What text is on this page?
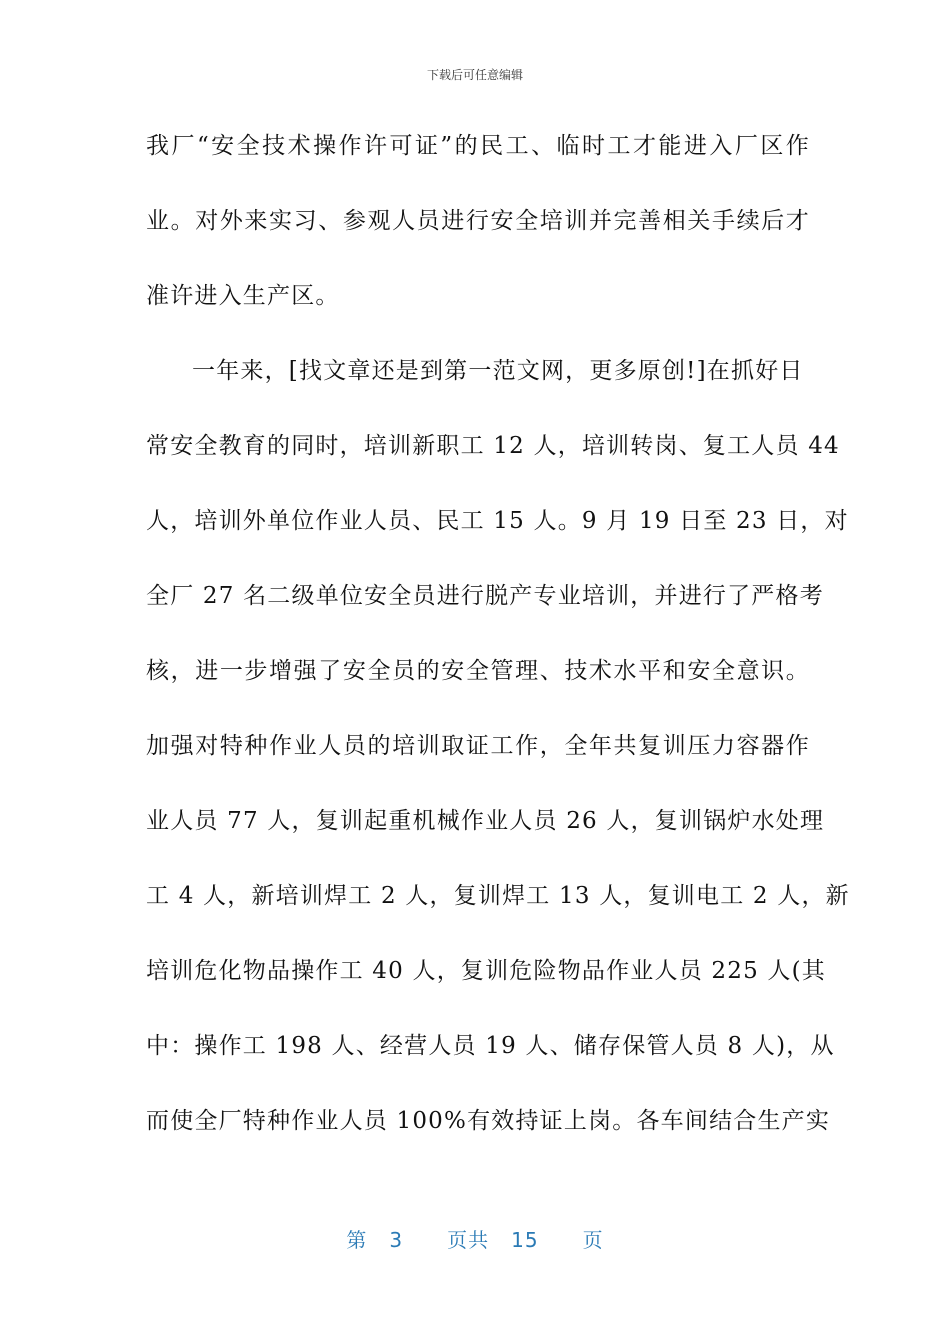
下载后可任意编辑
我厂“安全技术操作许可证”的民工、临时工才能进入厂区作
业。对外来实习、参观人员进行安全培训并完善相关手续后才
准许进入生产区。
一年来，[找文章还是到第一范文网，更多原创!]在抓好日
常安全教育的同时，培训新职工 12 人，培训转岗、复工人员 44
人，培训外单位作业人员、民工 15 人。9 月 19 日至 23 日，对
全厂 27 名二级单位安全员进行脱产专业培训，并进行了严格考
核，进一步增强了安全员的安全管理、技术水平和安全意识。
加强对特种作业人员的培训取证工作，全年共复训压力容器作
业人员 77 人，复训起重机械作业人员 26 人，复训锅炉水处理
工 4 人，新培训焊工 2 人，复训焊工 13 人，复训电工 2 人，新
培训危化物品操作工 40 人，复训危险物品作业人员 225 人(其
中：操作工 198 人、经营人员 19 人、储存保管人员 8 人)，从
而使全厂特种作业人员 100%有效持证上岗。各车间结合生产实
第 3 页共 15 页
